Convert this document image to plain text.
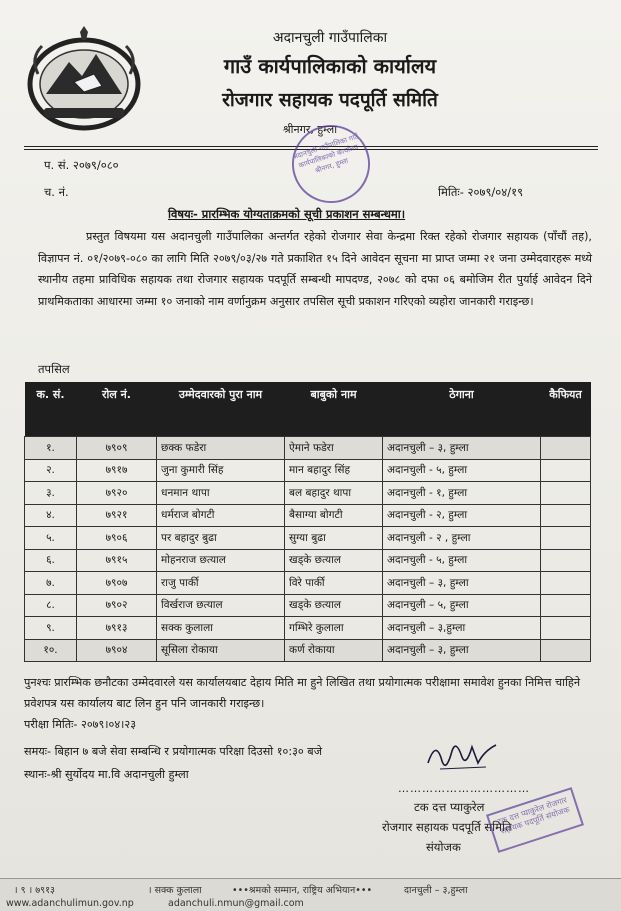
अदानचुली गाउँपालिका
गाउँ कार्यपालिकाको कार्यालय
रोजगार सहायक पदपूर्ति समिति
श्रीनगर, हुम्ला
प. सं. २०७९/०८०
च. नं.	मितिः- २०७९/०४/१९
अदानचुली गाउँपालिका गाउँ कार्यपालिकाको कार्यालय श्रीनगर, हुम्ला
विषयः- प्रारम्भिक योग्यताक्रमको सूची प्रकाशन सम्बन्धमा।

प्रस्तुत विषयमा यस अदानचुली गाउँपालिका अन्तर्गत रहेको रोजगार सेवा केन्द्रमा रिक्त रहेको रोजगार सहायक (पाँचौं तह), विज्ञापन नं. ०१/२०७९-०८० का लागि मिति २०७९/०३/२७ गते प्रकाशित १५ दिने आवेदन सूचना मा प्राप्त जम्मा २१ जना उम्मेदवारहरू मध्ये स्थानीय तहमा प्राविधिक सहायक तथा रोजगार सहायक पदपूर्ति सम्बन्धी मापदण्ड, २०७८ को दफा ०६ बमोजिम रीत पुर्याई आवेदन दिने प्राथमिकताका आधारमा जम्मा १० जनाको नाम वर्णानुक्रम अनुसार तपसिल सूची प्रकाशन गरिएको व्यहोरा जानकारी गराइन्छ।

तपसिल
क. सं.	रोल नं.	उम्मेदवारको पुरा नाम	बाबुको नाम	ठेगाना	कैफियत
१.	७९०९	छक्क फडेरा	ऐमाने फडेरा	अदानचुली – ३, हुम्ला	
२.	७९१७	जुना कुमारी सिंह	मान बहादुर सिंह	अदानचुली - ५, हुम्ला	
३.	७९२०	धनमान थापा	बल बहादुर थापा	अदानचुली - १, हुम्ला	
४.	७९२१	धर्मराज बोगटी	बैसाग्या बोगटी	अदानचुली - २, हुम्ला	
५.	७९०६	पर बहादुर बुढा	सुग्या बुढा	अदानचुली - २ , हुम्ला	
६.	७९१५	मोहनराज छत्याल	खड्के छत्याल	अदानचुली - ५, हुम्ला	
७.	७९०७	राजु पार्की	विरे पार्की	अदानचुली – ३, हुम्ला	
८.	७९०२	विर्खराज छत्याल	खड्के छत्याल	अदानचुली – ५, हुम्ला	
९.	७९१३	सक्क कुलाला	गम्भिरे कुलाला	अदानचुली – ३,हुम्ला	
१०.	७९०४	सूसिला रोकाया	कर्ण रोकाया	अदानचुली – ३, हुम्ला	

पुनश्चः प्रारम्भिक छनौटका उम्मेदवारले यस कार्यालयबाट देहाय मिति मा हुने लिखित तथा प्रयोगात्मक परीक्षामा समावेश हुनका निमित्त चाहिने प्रवेशपत्र यस कार्यालय बाट लिन हुन पनि जानकारी गराइन्छ।

परीक्षा मितिः- २०७९।०४।२३

समयः- बिहान ७ बजे सेवा सम्बन्धि र प्रयोगात्मक परिक्षा दिउसो १०:३० बजे

स्थानः-श्री सुर्योदय मा.वि अदानचुली हुम्ला

……………………………
टक दत्त प्याकुरेल
रोजगार सहायक पदपूर्ति समिति
संयोजक
टक दत्त प्याकुरेल रोजगार सहायक पदपूर्ति संयोजक
। ९ । ७९१३	। सक्क कुलाला	•••श्रमको सम्मान, राष्ट्रिय अभियान•••	दानचुली – ३,हुम्ला
www.adanchulimun.gov.np	adanchuli.nmun@gmail.com
